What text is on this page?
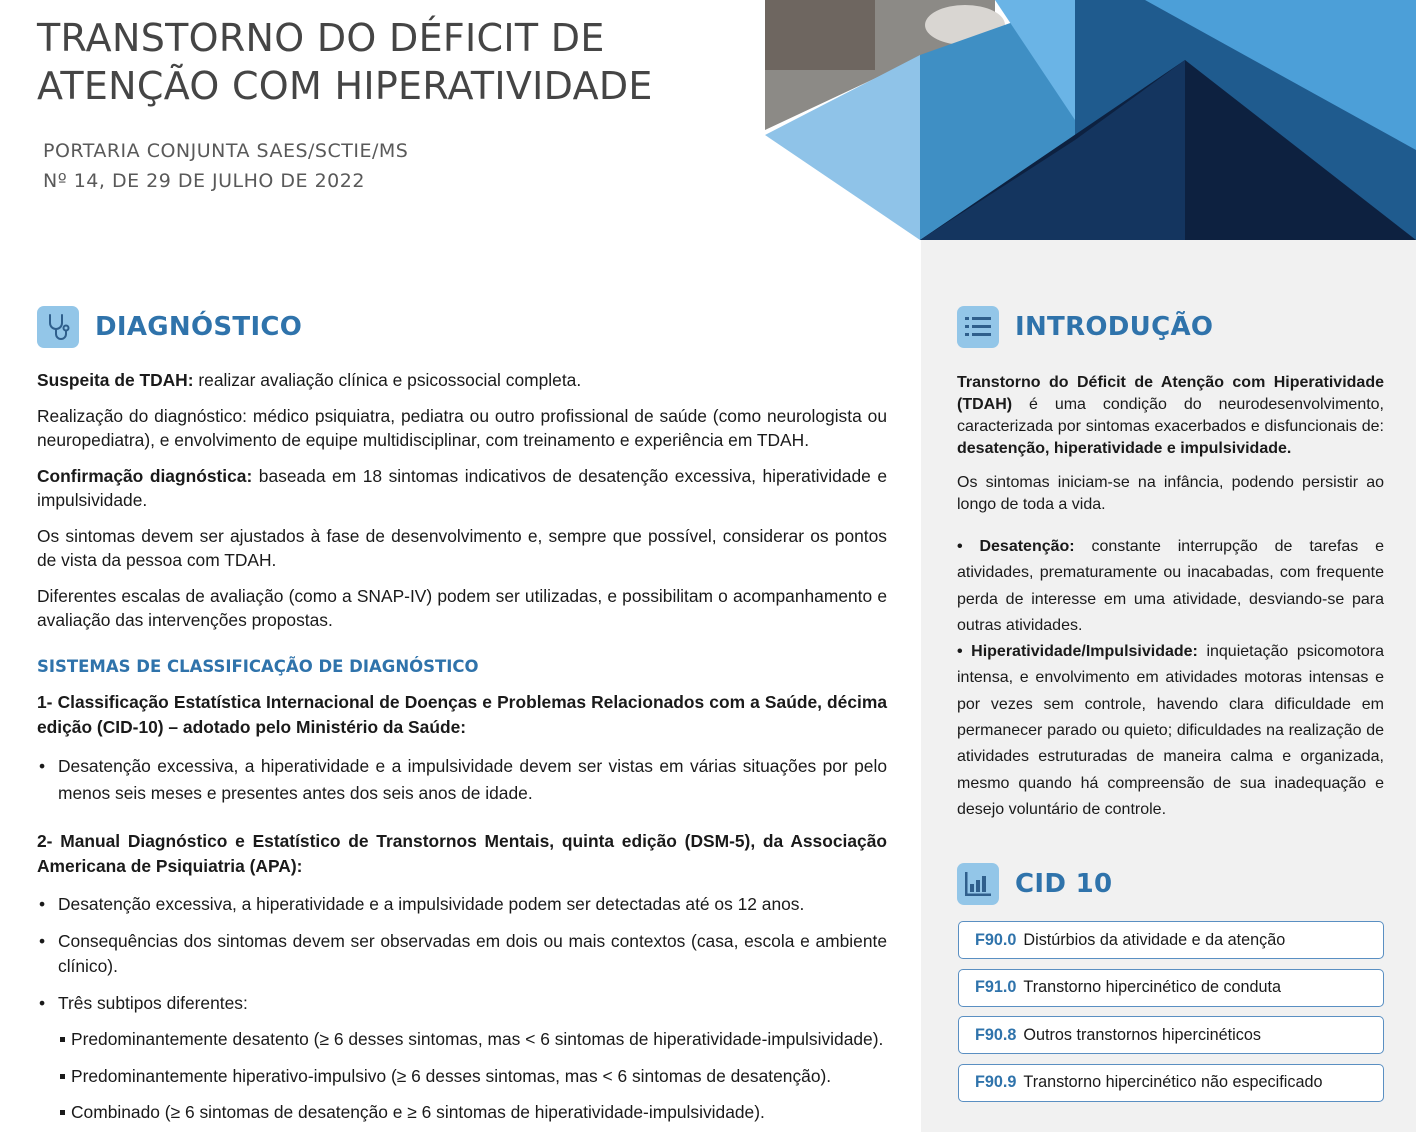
TRANSTORNO DO DÉFICIT DE
ATENÇÃO COM HIPERATIVIDADE
PORTARIA CONJUNTA SAES/SCTIE/MS
Nº 14, DE 29 DE JULHO DE 2022
DIAGNÓSTICO

Suspeita de TDAH: realizar avaliação clínica e psicossocial completa.

Realização do diagnóstico: médico psiquiatra, pediatra ou outro profissional de saúde (como neurologista ou neuropediatra), e envolvimento de equipe multidisciplinar, com treinamento e experiência em TDAH.

Confirmação diagnóstica: baseada em 18 sintomas indicativos de desatenção excessiva, hiperatividade e impulsividade.

Os sintomas devem ser ajustados à fase de desenvolvimento e, sempre que possível, considerar os pontos de vista da pessoa com TDAH.

Diferentes escalas de avaliação (como a SNAP-IV) podem ser utilizadas, e possibilitam o acompanhamento e avaliação das intervenções propostas.

SISTEMAS DE CLASSIFICAÇÃO DE DIAGNÓSTICO

1- Classificação Estatística Internacional de Doenças e Problemas Relacionados com a Saúde, décima edição (CID-10) – adotado pelo Ministério da Saúde:

• Desatenção excessiva, a hiperatividade e a impulsividade devem ser vistas em várias situações por pelo menos seis meses e presentes antes dos seis anos de idade.

2- Manual Diagnóstico e Estatístico de Transtornos Mentais, quinta edição (DSM-5), da Associação Americana de Psiquiatria (APA):

• Desatenção excessiva, a hiperatividade e a impulsividade podem ser detectadas até os 12 anos.

• Consequências dos sintomas devem ser observadas em dois ou mais contextos (casa, escola e ambiente clínico).

• Três subtipos diferentes:

Predominantemente desatento (≥ 6 desses sintomas, mas < 6 sintomas de hiperatividade-impulsividade).

Predominantemente hiperativo-impulsivo (≥ 6 desses sintomas, mas < 6 sintomas de desatenção).

Combinado (≥ 6 sintomas de desatenção e ≥ 6 sintomas de hiperatividade-impulsividade).

INTRODUÇÃO

Transtorno do Déficit de Atenção com Hiperatividade (TDAH) é uma condição do neurodesenvolvimento, caracterizada por sintomas exacerbados e disfuncionais de: desatenção, hiperatividade e impulsividade.

Os sintomas iniciam-se na infância, podendo persistir ao longo de toda a vida.

• Desatenção: constante interrupção de tarefas e atividades, prematuramente ou inacabadas, com frequente perda de interesse em uma atividade, desviando-se para outras atividades.

• Hiperatividade/Impulsividade: inquietação psicomotora intensa, e envolvimento em atividades motoras intensas e por vezes sem controle, havendo clara dificuldade em permanecer parado ou quieto; dificuldades na realização de atividades estruturadas de maneira calma e organizada, mesmo quando há compreensão de sua inadequação e desejo voluntário de controle.

CID 10
F90.0 Distúrbios da atividade e da atenção
F91.0 Transtorno hipercinético de conduta
F90.8 Outros transtornos hipercinéticos
F90.9 Transtorno hipercinético não especificado
